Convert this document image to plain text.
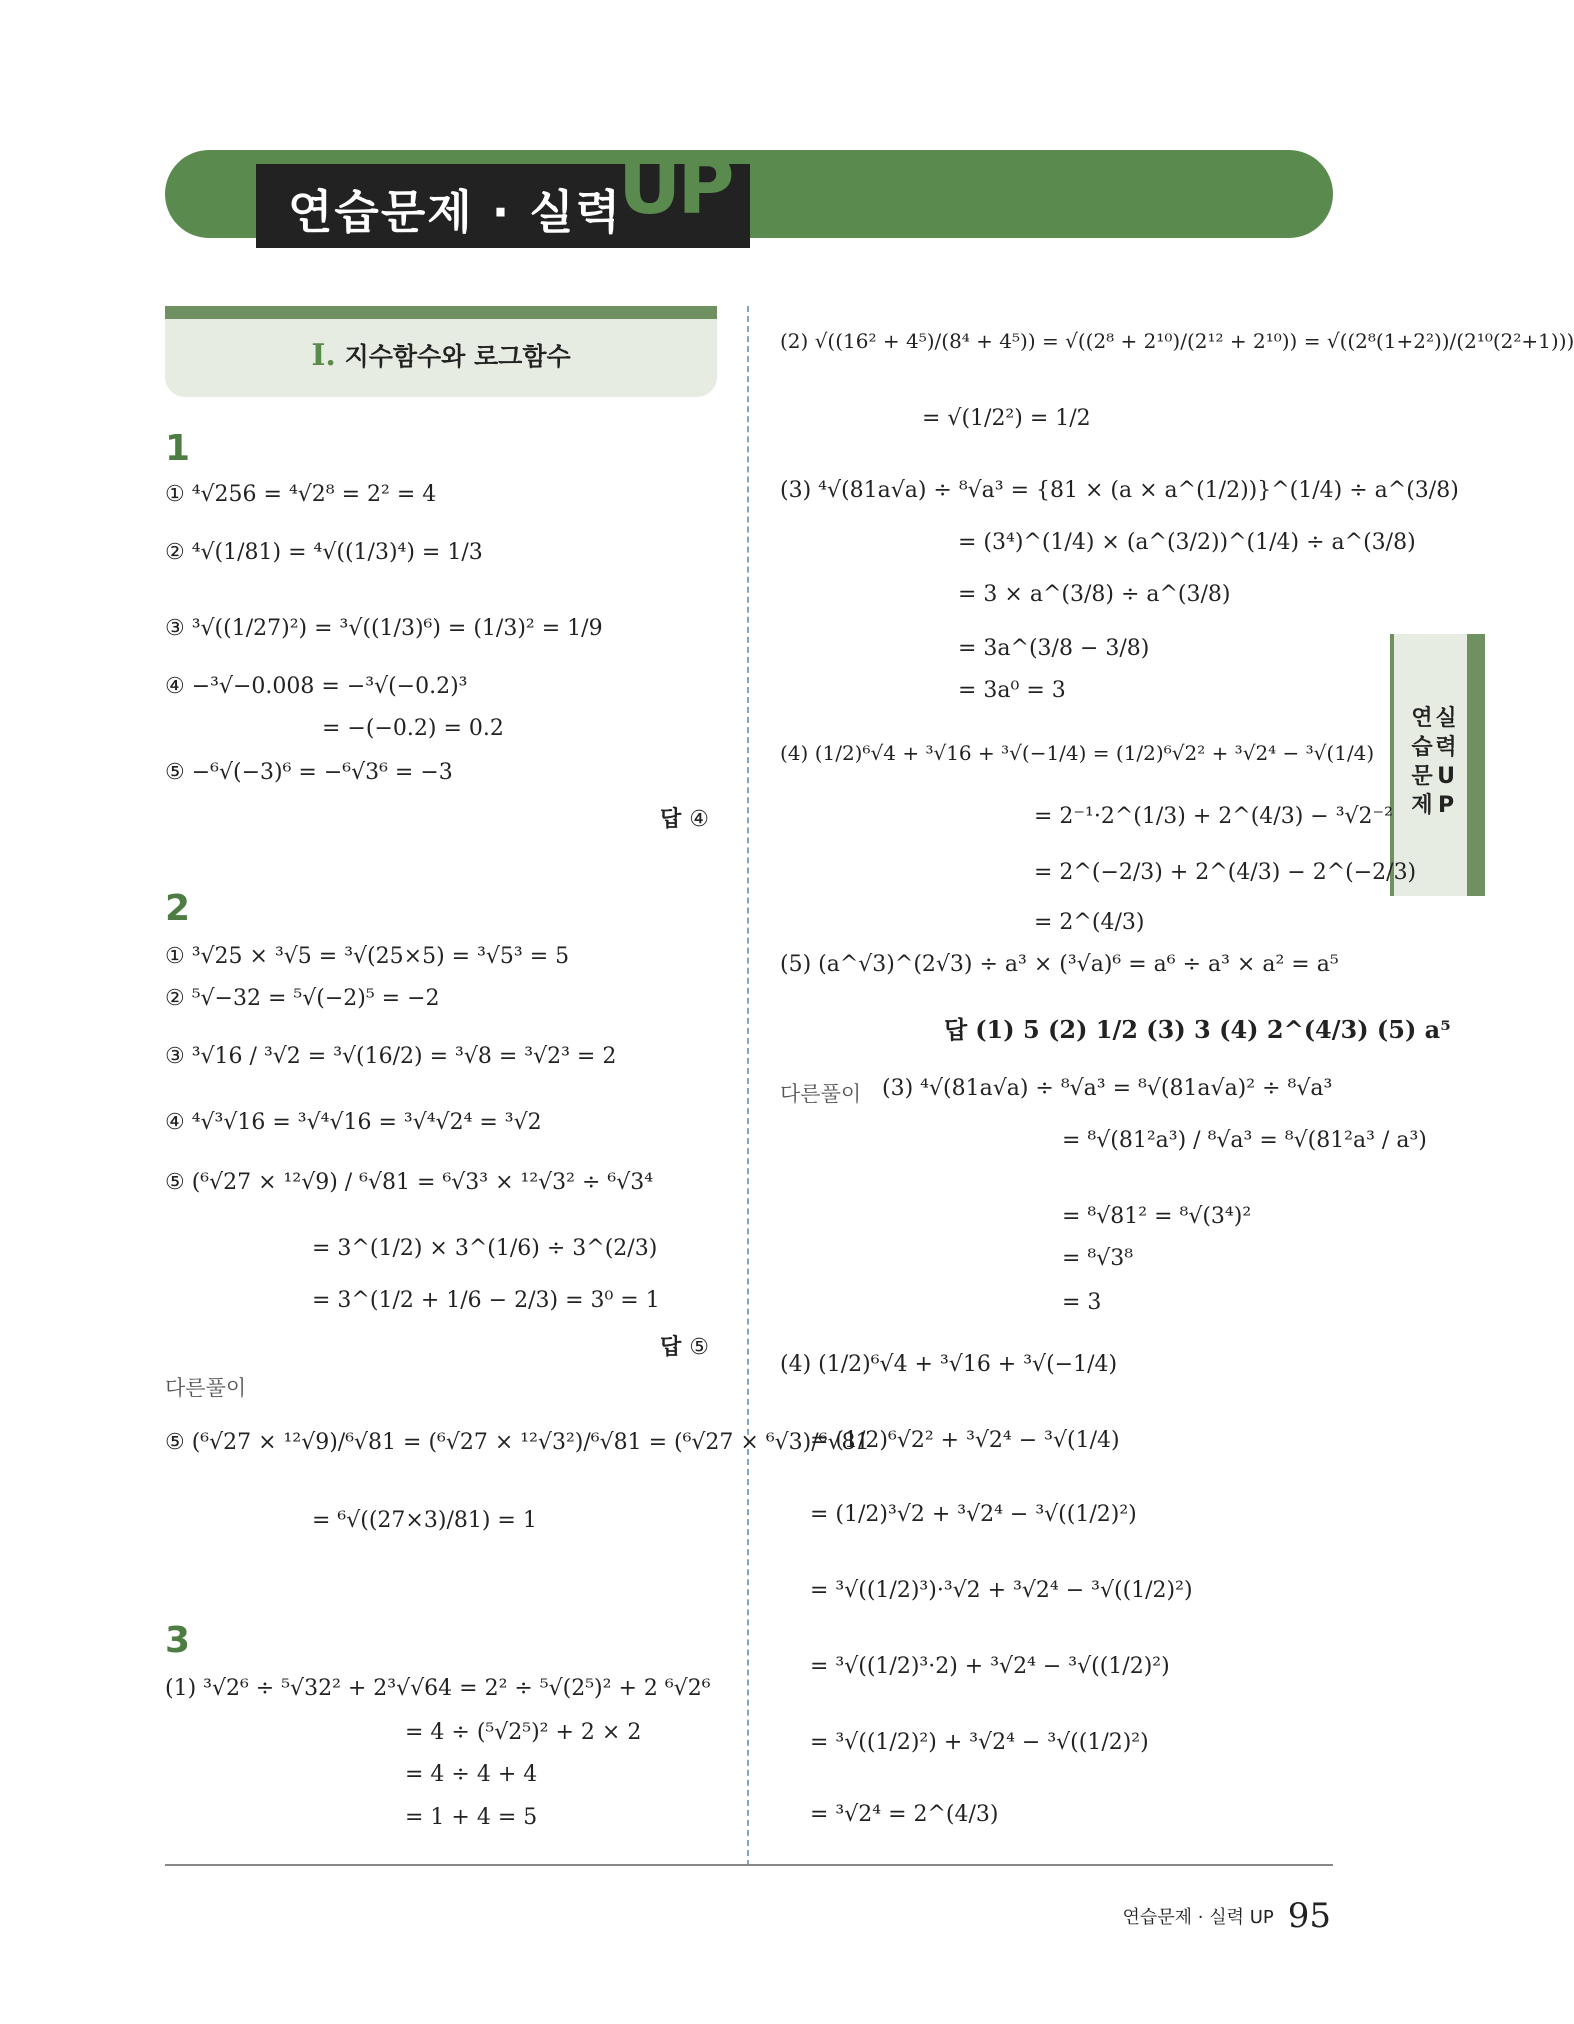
연습문제 · 실력
UP
Ⅰ. 지수함수와 로그함수
연 실
습 력
문 U
제 P
1
① ⁴√256 = ⁴√2⁸ = 2² = 4
② ⁴√(1/81) = ⁴√((1/3)⁴) = 1/3
③ ³√((1/27)²) = ³√((1/3)⁶) = (1/3)² = 1/9
④ −³√−0.008 = −³√(−0.2)³
= −(−0.2) = 0.2
⑤ −⁶√(−3)⁶ = −⁶√3⁶ = −3
답 ④
2
① ³√25 × ³√5 = ³√(25×5) = ³√5³ = 5
② ⁵√−32 = ⁵√(−2)⁵ = −2
③ ³√16 / ³√2 = ³√(16/2) = ³√8 = ³√2³ = 2
④ ⁴√³√16 = ³√⁴√16 = ³√⁴√2⁴ = ³√2
⑤ (⁶√27 × ¹²√9) / ⁶√81 = ⁶√3³ × ¹²√3² ÷ ⁶√3⁴
= 3^(1/2) × 3^(1/6) ÷ 3^(2/3)
= 3^(1/2 + 1/6 − 2/3) = 3⁰ = 1
답 ⑤
다른풀이
⑤ (⁶√27 × ¹²√9)/⁶√81 = (⁶√27 × ¹²√3²)/⁶√81 = (⁶√27 × ⁶√3)/⁶√81
= ⁶√((27×3)/81) = 1
3
(1) ³√2⁶ ÷ ⁵√32² + 2³√√64 = 2² ÷ ⁵√(2⁵)² + 2 ⁶√2⁶
= 4 ÷ (⁵√2⁵)² + 2 × 2
= 4 ÷ 4 + 4
= 1 + 4 = 5
(2) √((16² + 4⁵)/(8⁴ + 4⁵)) = √((2⁸ + 2¹⁰)/(2¹² + 2¹⁰)) = √((2⁸(1+2²))/(2¹⁰(2²+1)))
= √(1/2²) = 1/2
(3) ⁴√(81a√a) ÷ ⁸√a³ = {81 × (a × a^(1/2))}^(1/4) ÷ a^(3/8)
= (3⁴)^(1/4) × (a^(3/2))^(1/4) ÷ a^(3/8)
= 3 × a^(3/8) ÷ a^(3/8)
= 3a^(3/8 − 3/8)
= 3a⁰ = 3
(4) (1/2)⁶√4 + ³√16 + ³√(−1/4) = (1/2)⁶√2² + ³√2⁴ − ³√(1/4)
= 2⁻¹·2^(1/3) + 2^(4/3) − ³√2⁻²
= 2^(−2/3) + 2^(4/3) − 2^(−2/3)
= 2^(4/3)
(5) (a^√3)^(2√3) ÷ a³ × (³√a)⁶ = a⁶ ÷ a³ × a² = a⁵
답 (1) 5 (2) 1/2 (3) 3 (4) 2^(4/3) (5) a⁵
다른풀이 (3) ⁴√(81a√a) ÷ ⁸√a³ = ⁸√(81a√a)² ÷ ⁸√a³
= ⁸√(81²a³) / ⁸√a³ = ⁸√(81²a³ / a³)
= ⁸√81² = ⁸√(3⁴)²
= ⁸√3⁸
= 3
(4) (1/2)⁶√4 + ³√16 + ³√(−1/4)
= (1/2)⁶√2² + ³√2⁴ − ³√(1/4)
= (1/2)³√2 + ³√2⁴ − ³√((1/2)²)
= ³√((1/2)³)·³√2 + ³√2⁴ − ³√((1/2)²)
= ³√((1/2)³·2) + ³√2⁴ − ³√((1/2)²)
= ³√((1/2)²) + ³√2⁴ − ³√((1/2)²)
= ³√2⁴ = 2^(4/3)
연습문제 · 실력 UP 95
